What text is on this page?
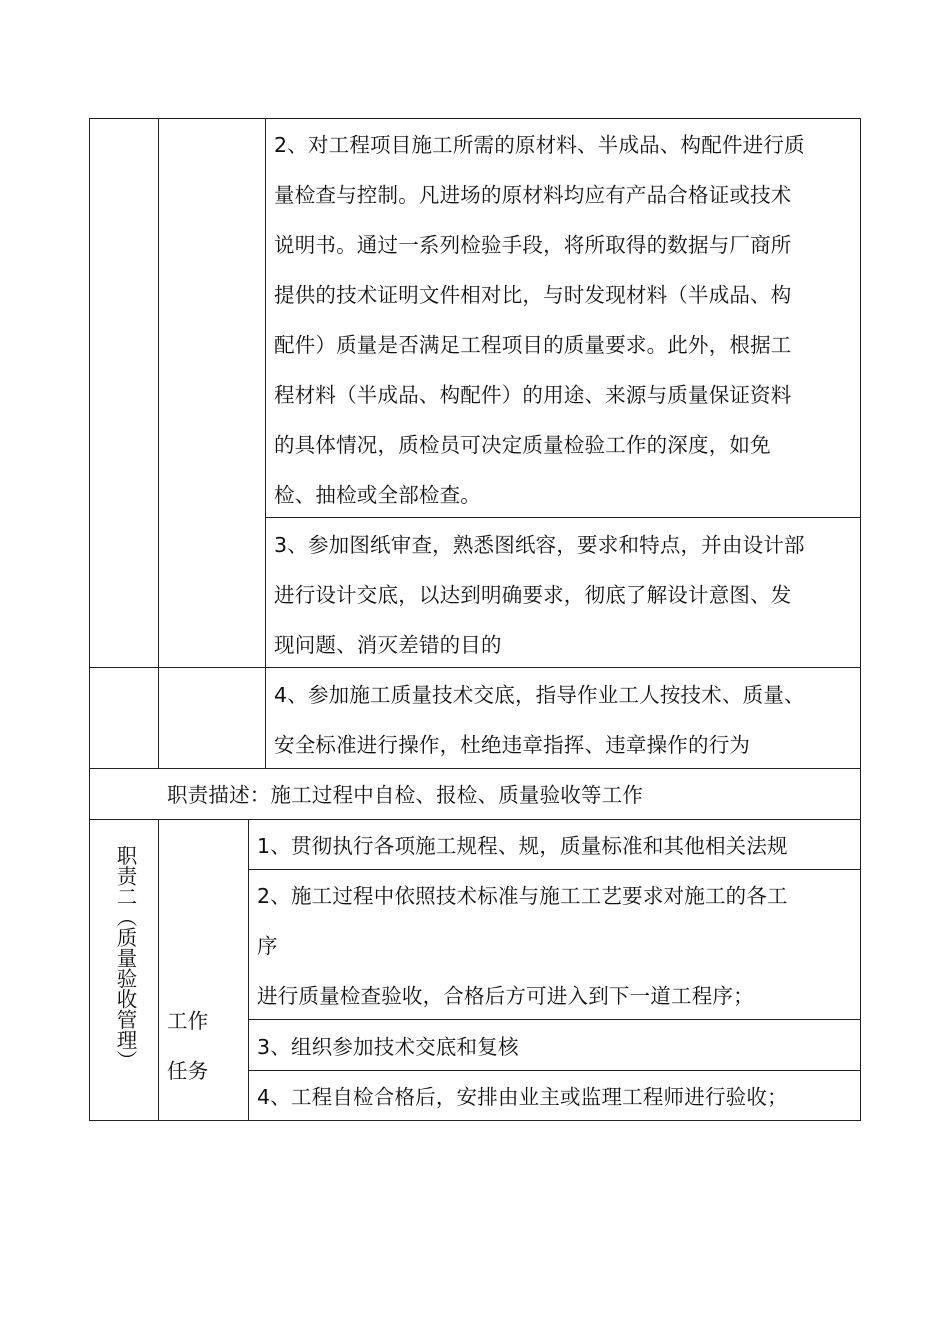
2、对工程项目施工所需的原材料、半成品、构配件进行质
量检查与控制。凡进场的原材料均应有产品合格证或技术
说明书。通过一系列检验手段，将所取得的数据与厂商所
提供的技术证明文件相对比，与时发现材料（半成品、构
配件）质量是否满足工程项目的质量要求。此外，根据工
程材料（半成品、构配件）的用途、来源与质量保证资料
的具体情况，质检员可决定质量检验工作的深度，如免
检、抽检或全部检查。
3、参加图纸审查，熟悉图纸容，要求和特点，并由设计部
进行设计交底，以达到明确要求，彻底了解设计意图、发
现问题、消灭差错的目的
4、参加施工质量技术交底，指导作业工人按技术、质量、
安全标准进行操作，杜绝违章指挥、违章操作的行为
职责描述：施工过程中自检、报检、质量验收等工作
职责二（质量验收管理）	工作
任务
1、贯彻执行各项施工规程、规，质量标准和其他相关法规
2、施工过程中依照技术标准与施工工艺要求对施工的各工
序
进行质量检查验收，合格后方可进入到下一道工程序；
3、组织参加技术交底和复核
4、工程自检合格后，安排由业主或监理工程师进行验收；
